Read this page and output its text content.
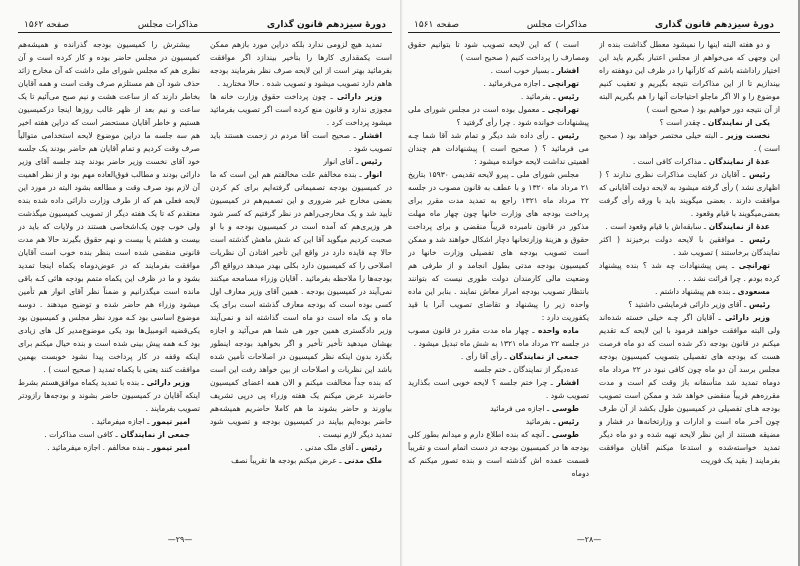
دورهٔ سیزدهم قانون گذاری
مذاکرات مجلس
صفحه ۱۵۶۲

تمدید هیچ لزومی ندارد بلکه دراین مورد بازهم ممکن است یکمقداری کارها را بتأخیر بیندازد اگر موافقت بفرمائید بهتر است از این لایحه صرف نظر بفرمایند بودجه هاهم دارد تصویب میشود و تصویب شده . حالا مختارید .

وزیر دارائی ـ چون پرداخت حقوق وزارت خانه ها مجوزی ندارد و قانون منع کرده است اگر تصویب بفرمائید میشود پرداخت کرد .

افشار ـ صحیح است آقا مردم در زحمت هستند باید تصویب شود .

رئیس ـ آقای انوار

انوار ـ بنده مخالفم علت مخالفتم هم این است که ما در کمیسیون بودجه تصمیماتی گرفته‌ایم برای کم کردن بعضی مخارج غیر ضروری و این تصمیم‌هم در کمیسیون تأیید شد و یک مخارجی‌راهم در نظر گرفتیم که کسر شود هر وزیری‌هم که آمده است در کمیسیون بودجه و با او صحبت کردیم میگوید آقا این که شش ماهش گذشته است حالا چه فایده دارد در واقع این تأخیر افتادن آن نظریات اصلاحی را که کمیسیون دارد بکلی بهدر میدهد درواقع اگر بودجه‌ها را ملاحظه بفرمائید . آقایان وزراء مسامحه میکنند نمی‌آیند در کمیسیون بودجه . همین آقای وزیر معارف اول کسی بوده است که بودجه معارف گذشته است برای یک ماه‌ و یک ماه است دو ماه است گذاشته اند و نمی‌آیند وزیر دادگستری همین جور هی شما هم می‌آئید و اجازه بهشان میدهید تأخیر تأخیر و اگر بخواهید بودجه اینطور بگذرد بدون اینکه نظر کمیسیون در اصلاحات تأمین شده باشد این نظریات و اصلاحات از بین خواهد رفت این است که بنده جداً مخالفت میکنم و الان همه اعضای کمیسیون حاضرند عرض میکنم یک هفته وزراء پی درپی تشریف بیاورند و حاضر بشوند ما هم کاملا حاضریم همیشه‌هم حاضر بوده‌ایم بیایند در کمیسیون بودجه و تصویب شود تمدید دیگر لازم نیست .

رئیس ـ آقای ملک مدنی .

ملک مدنی ـ عرض میکنم بودجه ها تقریباً نصف

بیشترش را کمیسیون بودجه گذرانده و همیشه‌هم کمیسیون در مجلس حاضر بوده و کار کرده است و آن نظری هم که مجلس شورای ملی داشت که آن مخارج زائد حذف شود آن هم مستلزم صرف وقت است و همه آقایان بخاطر دارند که از ساعت هشت و نیم صبح می‌آئیم تا یک ساعت و نیم بعد از ظهر غالب روزها اینجا درکمیسیون هستیم و خاطر آقایان مستحضر است که دراین هفته اخیر هم سه جلسه ما دراین موضوع لایحه استخدامی متوالیاً صرف وقت کردیم و تمام آقایان هم حاضر بودند یک جلسه خود آقای نخست وزیر حاضر بودند چند جلسه آقای وزیر دارائی بودند و مطالب فوق‌العاده مهم بود و از نظر اهمیت آن لازم بود صرف وقت و مطالعه بشود البته در مورد این لایحه فعلی هم که از طرف وزارت دارائی داده شده بنده معتقدم که تا یک هفته دیگر از تصویب کمیسیون میگذشت ولی خوب چون یک‌اشخاصی هستند در ولایات که باید در بیست و هشتم یا بیست و نهم حقوق بگیرند حالا هم مدت قانونی منقضی شده است بنظر بنده خوب است آقایان موافقت بفرمایند که در عوض‌دوماه یکماه اینجا تمدید بشود و ما در ظرف این یکماه متمم بودجه هائی کـه باقی مانده است میگذرانیم و ضمناً نظر آقای انوار هم تأمین میشود وزراء هم حاضر شده و توضیح میدهند . دوسه موضوع اساسی بود کـه مورد نظر مجلس و کمیسیون بود یکی‌قضیه اتومبیل‌ها بود یکی موضوع‌مدیر کل های زیادی بود کـه همه پیش بینی شده است و بنده خیال میکنم برای اینکه وقفه در کار پرداخت پیدا نشود خوبست بهمین موافقت کنند یعنی با یکماه تمدید ( صحیح است ) .

وزیر دارائی ـ بنده با تمدید یکماه موافق‌هستم بشرط اینکه آقایان در کمیسیون حاضر بشوند و بودجه‌ها رازودتر تصویب بفرمایند .

امیر تیمور ـ اجازه میفرمائید .

جمعی از نمایندگان ـ کافی است مذاکرات .

امیر تیمور ـ بنده مخالفم . اجازه میفرمائید .

—۲۹—
دورهٔ سیزدهم قانون گذاری
مذاکرات مجلس
صفحه ۱۵۶۱

و دو هفته البته اینها را نمیشود معطل گذاشت بنده از این وجهی که می‌خواهم از مجلس اعتبار بگیرم باید این اختیار راداشته باشم که کارآنها را در ظرف این دوهفته راه بیندازیم تا از این مذاکرات نتیجه بگیریم و تعقیب کنیم موضوع را و الا اگر ماجلو احتیاجات آنها را هم بگیریم البته از آن نتیجه دور خواهیم بود ( صحیح است )

یکی از نمایندگان ـ چقدر است ؟

نخست وزیر ـ البته خیلی مختصر خواهد بود ( صحیح است ) .

عده‌ٔ از نمایندگان ـ مذاکرات کافی است .

رئیس ـ آقایان در کفایت مذاکرات نظری ندارند ؟ ( اظهاری نشد ) رأی گرفته میشود به لایحه دولت آقایانی که موافقت دارند . بعضی میگویند باید با ورقه رأی گرفت بعضی‌میگویند با قیام وقعود .

عدهٔ از نمایندگان ـ سابقه‌اش با قیام وقعود است .

رئیس ـ موافقین با لایحه دولت برخیزند ( اکثر نمایندگان برخاستند ) تصویب شد .

تهرانچی ـ پس پیشنهادات چه شد ؟ بنده پیشنهاد کرده بودم . چرا قرائت نشد . . .

مسعودی ـ بنده هم پیشنهاد داشتم .

رئیس ـ آقای وزیر دارائی فرمایشی داشتید ؟

وزیر دارائی ـ آقایان اگر چـه خیلی خسته شده‌اند ولی البته موافقت خواهند فرمود با این لایحه کـه تقدیم میکنم در قانون بودجه ذکر شده است که دو ماه فرصت هست که بودجه های تفصیلی بتصویب کمیسیون بودجه مجلس برسد آن دو ماه چون کافی نبود در ۲۲ مرداد ماه دوماه تمدید شد متأسفانه باز وقت کم است و مدت مقرره‌هم قریباً منقضی خواهد شد و ممکن است تصویب بودجه هـای تفصیلی در کمیسیون طول بکشد از آن طرف چون آخـر ماه است و ادارات و وزارتخانه‌ها در فشار و مضیقه هستند از این نظر لایحه تهیه شده و دو ماه دیگر تمدید خواسته‌شده و استدعا میکنم آقایان موافقت بفرمایند ( بقید یک فوریت

است ) که این لایحه تصویب شود تا بتوانیم حقوق ومصارف را پرداخت کنیم ( صحیح است )

افشار ـ بسیار خوب است .

تهرانچی ـ اجازه می‌فرمائید .

رئیس ـ بفرمائید .

تهرانچی ـ معمول بوده است در مجلس شورای ملی پیشنهادات خوانده شود . چرا رأی گرفتید ؟

رئیس ـ رأی داده شد دیگر و تمام شد آقا شما چـه می فرمائید ؟ ( صحیح است ) پیشنهادات هم چندان اهمیتی نداشت لایحه خوانده میشود :

مجلس شورای ملی ـ پیرو لایحه تقدیمی ۱۵۹۳۰ بتاریخ ۲۱ مرداد ماه ۱۳۲۰ و با عطف به قانون مصوب در جلسه ۲۲ مرداد ماه ۱۳۲۱ راجع به تمدید مدت مقرر برای پرداخت بودجه های وزارت خانها چون چهار ماه مهلت مذکور در قانون نامبرده قریباً منقضی و برای پرداخت حقوق و هزینهٔ وزارتخانها دچار اشکال خواهند شد و ممکن است تصویب بودجه های تفصیلی وزارت خانها در کمیسیون بودجه مدتی بطول انجامد و از طرفی هم وضعیت مالی کارمندان دولت طوری نیست که بتوانند بانتظار تصویب بودجه امرار معاش نمایند . بنابر این ماده واحده زیر را پیشنهاد و تقاضای تصویب آنرا با قید یکفوریت دارد :

ماده واحده ـ چهار ماه مدت مقرر در قانون مصوب در جلسه ۲۲ مرداد ماه ۱۳۲۱ به شش ماه تبدیل میشود .

جمعی از نمایندگان ـ رأی آقا رأی .

عده‌دیگر از نمایندگان ـ ختم جلسه

افشار ـ چرا ختم جلسه ؟ لایحه خوبی است بگذارید تصویب شود .

طوسی ـ اجازه می فرمائید

رئیس ـ بفرمائید

طوسی ـ آنچه که بنده اطلاع دارم و میدانم بطور کلی بودجه ها در کمیسیون بودجه در دست اتمام است و تقریباً قسمت عمده اش گذشته است و بنده تصور میکنم که دوماه

—۲۸—
